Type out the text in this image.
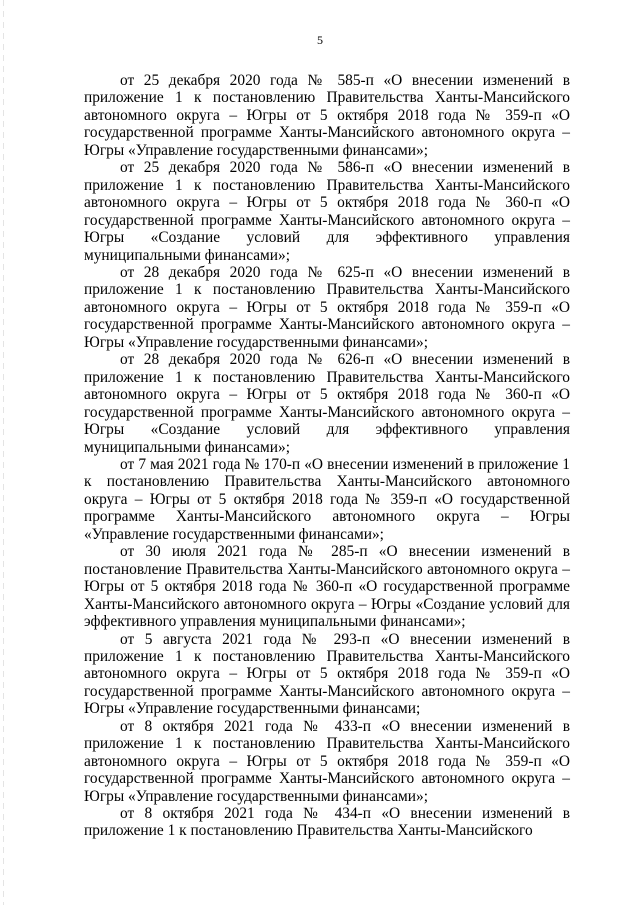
5

от 25 декабря 2020 года № 585-п «О внесении изменений в приложение 1 к постановлению Правительства Ханты-Мансийского автономного округа – Югры от 5 октября 2018 года № 359-п «О государственной программе Ханты-Мансийского автономного округа – Югры «Управление государственными финансами»;

от 25 декабря 2020 года № 586-п «О внесении изменений в приложение 1 к постановлению Правительства Ханты-Мансийского автономного округа – Югры от 5 октября 2018 года № 360-п «О государственной программе Ханты-Мансийского автономного округа – Югры «Создание условий для эффективного управления муниципальными финансами»;

от 28 декабря 2020 года № 625-п «О внесении изменений в приложение 1 к постановлению Правительства Ханты-Мансийского автономного округа – Югры от 5 октября 2018 года № 359-п «О государственной программе Ханты-Мансийского автономного округа – Югры «Управление государственными финансами»;

от 28 декабря 2020 года № 626-п «О внесении изменений в приложение 1 к постановлению Правительства Ханты-Мансийского автономного округа – Югры от 5 октября 2018 года № 360-п «О государственной программе Ханты-Мансийского автономного округа – Югры «Создание условий для эффективного управления муниципальными финансами»;

от 7 мая 2021 года № 170-п «О внесении изменений в приложение 1 к постановлению Правительства Ханты-Мансийского автономного округа – Югры от 5 октября 2018 года № 359-п «О государственной программе Ханты-Мансийского автономного округа – Югры «Управление государственными финансами»;

от 30 июля 2021 года № 285-п «О внесении изменений в постановление Правительства Ханты-Мансийского автономного округа – Югры от 5 октября 2018 года № 360-п «О государственной программе Ханты-Мансийского автономного округа – Югры «Создание условий для эффективного управления муниципальными финансами»;

от 5 августа 2021 года № 293-п «О внесении изменений в приложение 1 к постановлению Правительства Ханты-Мансийского автономного округа – Югры от 5 октября 2018 года № 359-п «О государственной программе Ханты-Мансийского автономного округа – Югры «Управление государственными финансами;

от 8 октября 2021 года № 433-п «О внесении изменений в приложение 1 к постановлению Правительства Ханты-Мансийского автономного округа – Югры от 5 октября 2018 года № 359-п «О государственной программе Ханты-Мансийского автономного округа – Югры «Управление государственными финансами»;

от 8 октября 2021 года № 434-п «О внесении изменений в приложение 1 к постановлению Правительства Ханты-Мансийского
